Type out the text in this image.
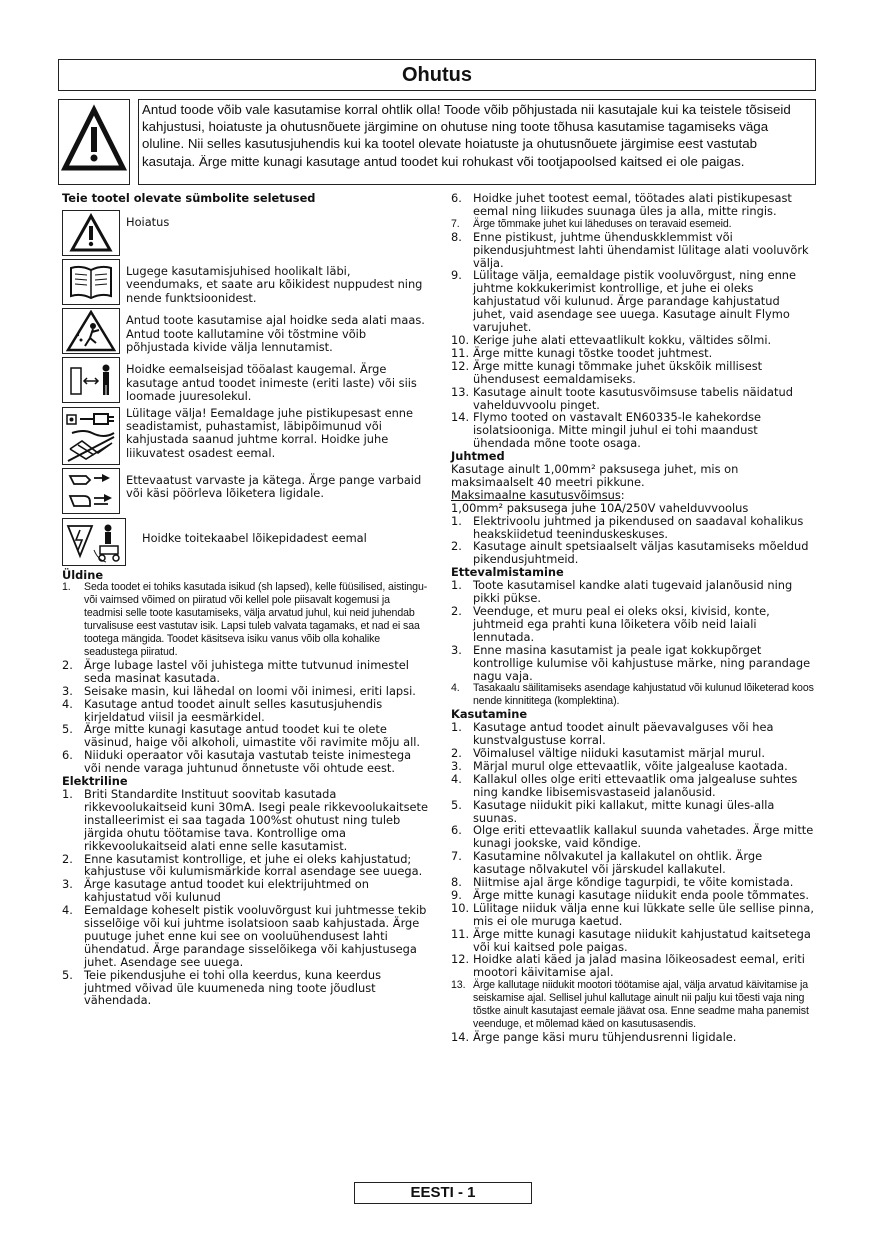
Ohutus
Antud toode võib vale kasutamise korral ohtlik olla! Toode võib põhjustada nii kasutajale kui ka teistele tõsiseid kahjustusi, hoiatuste ja ohutusnõuete järgimine on ohutuse ning toote tõhusa kasutamise tagamiseks väga oluline. Nii selles kasutusjuhendis kui ka tootel olevate hoiatuste ja ohutusnõuete järgimise eest vastutab kasutaja. Ärge mitte kunagi kasutage antud toodet kui rohukast või tootjapoolsed kaitsed ei ole paigas.
Teie tootel olevate sümbolite seletused
Hoiatus
Lugege kasutamisjuhised hoolikalt läbi, veendumaks, et saate aru kõikidest nuppudest ning nende funktsioonidest.
Antud toote kasutamise ajal hoidke seda alati maas. Antud toote kallutamine või tõstmine võib põhjustada kivide välja lennutamist.
Hoidke eemalseisjad tööalast kaugemal. Ärge kasutage antud toodet inimeste (eriti laste) või siis loomade juuresolekul.
Lülitage välja! Eemaldage juhe pistikupesast enne seadistamist, puhastamist, läbipõimunud või kahjustada saanud juhtme korral. Hoidke juhe liikuvatest osadest eemal.
Ettevaatust varvaste ja kätega. Ärge pange varbaid või käsi pöörleva lõiketera ligidale.
Hoidke toitekaabel lõikepidadest eemal
Üldine
1. Seda toodet ei tohiks kasutada isikud (sh lapsed), kelle füüsilised, aistingu- või vaimsed võimed on piiratud või kellel pole piisavalt kogemusi ja teadmisi selle toote kasutamiseks, välja arvatud juhul, kui neid juhendab turvalisuse eest vastutav isik. Lapsi tuleb valvata tagamaks, et nad ei saa tootega mängida. Toodet käsitseva isiku vanus võib olla kohalike seadustega piiratud.
2. Ärge lubage lastel või juhistega mitte tutvunud inimestel seda masinat kasutada.
3. Seisake masin, kui lähedal on loomi või inimesi, eriti lapsi.
4. Kasutage antud toodet ainult selles kasutusjuhendis kirjeldatud viisil ja eesmärkidel.
5. Ärge mitte kunagi kasutage antud toodet kui te olete väsinud, haige või alkoholi, uimastite või ravimite mõju all.
6. Niiduki operaator või kasutaja vastutab teiste inimestega või nende varaga juhtunud õnnetuste või ohtude eest.
Elektriline
1. Briti Standardite Instituut soovitab kasutada rikkevoolukaitseid kuni 30mA. Isegi peale rikkevoolukaitsete installeerimist ei saa tagada 100%st ohutust ning tuleb järgida ohutu töötamise tava. Kontrollige oma rikkevoolukaitseid alati enne selle kasutamist.
2. Enne kasutamist kontrollige, et juhe ei oleks kahjustatud; kahjustuse või kulumismärkide korral asendage see uuega.
3. Ärge kasutage antud toodet kui elektrijuhtmed on kahjustatud või kulunud
4. Eemaldage koheselt pistik vooluvõrgust kui juhtmesse tekib sisselõige või kui juhtme isolatsioon saab kahjustada. Ärge puutuge juhet enne kui see on vooluühendusest lahti ühendatud. Ärge parandage sisselõikega või kahjustusega juhet. Asendage see uuega.
5. Teie pikendusjuhe ei tohi olla keerdus, kuna keerdus juhtmed võivad üle kuumeneda ning toote jõudlust vähendada.
6. Hoidke juhet tootest eemal, töötades alati pistikupesast eemal ning liikudes suunaga üles ja alla, mitte ringis.
7. Ärge tõmmake juhet kui läheduses on teravaid esemeid.
8. Enne pistikust, juhtme ühenduskklemmist või pikendusjuhtmest lahti ühendamist lülitage alati vooluvõrk välja.
9. Lülitage välja, eemaldage pistik vooluvõrgust, ning enne juhtme kokkukerimist kontrollige, et juhe ei oleks kahjustatud või kulunud. Ärge parandage kahjustatud juhet, vaid asendage see uuega. Kasutage ainult Flymo varujuhet.
10. Kerige juhe alati ettevaatlikult kokku, vältides sõlmi.
11. Ärge mitte kunagi tõstke toodet juhtmest.
12. Ärge mitte kunagi tõmmake juhet ükskõik millisest ühendusest eemaldamiseks.
13. Kasutage ainult toote kasutusvõimsuse tabelis näidatud vahelduvvoolu pinget.
14. Flymo tooted on vastavalt EN60335-le kahekordse isolatsiooniga. Mitte mingil juhul ei tohi maandust ühendada mõne toote osaga.
Juhtmed
Kasutage ainult 1,00mm² paksusega juhet, mis on maksimaalselt 40 meetri pikkune.
Maksimaalne kasutusvõimsus:
1,00mm² paksusega juhe 10A/250V vahelduvvoolus
1. Elektrivoolu juhtmed ja pikendused on saadaval kohalikus heakskiidetud teeninduskeskuses.
2. Kasutage ainult spetsiaalselt väljas kasutamiseks mõeldud pikendusjuhtmeid.
Ettevalmistamine
1. Toote kasutamisel kandke alati tugevaid jalanõusid ning pikki pükse.
2. Veenduge, et muru peal ei oleks oksi, kivisid, konte, juhtmeid ega prahti kuna lõiketera võib neid laiali lennutada.
3. Enne masina kasutamist ja peale igat kokkupõrget kontrollige kulumise või kahjustuse märke, ning parandage nagu vaja.
4. Tasakaalu säilitamiseks asendage kahjustatud või kulunud lõiketerad koos nende kinnititega (komplektina).
Kasutamine
1. Kasutage antud toodet ainult päevavalguses või hea kunstvalgustuse korral.
2. Võimalusel vältige niiduki kasutamist märjal murul.
3. Märjal murul olge ettevaatlik, võite jalgealuse kaotada.
4. Kallakul olles olge eriti ettevaatlik oma jalgealuse suhtes ning kandke libisemisvastaseid jalanõusid.
5. Kasutage niidukit piki kallakut, mitte kunagi üles-alla suunas.
6. Olge eriti ettevaatlik kallakul suunda vahetades. Ärge mitte kunagi jookske, vaid kõndige.
7. Kasutamine nõlvakutel ja kallakutel on ohtlik. Ärge kasutage nõlvakutel või järskudel kallakutel.
8. Niitmise ajal ärge kõndige tagurpidi, te võite komistada.
9. Ärge mitte kunagi kasutage niidukit enda poole tõmmates.
10. Lülitage niiduk välja enne kui lükkate selle üle sellise pinna, mis ei ole muruga kaetud.
11. Ärge mitte kunagi kasutage niidukit kahjustatud kaitsetega või kui kaitsed pole paigas.
12. Hoidke alati käed ja jalad masina lõikeosadest eemal, eriti mootori käivitamise ajal.
13. Ärge kallutage niidukit mootori töötamise ajal, välja arvatud käivitamise ja seiskamise ajal. Sellisel juhul kallutage ainult nii palju kui tõesti vaja ning tõstke ainult kasutajast eemale jäävat osa. Enne seadme maha panemist veenduge, et mõlemad käed on kasutusasendis.
14. Ärge pange käsi muru tühjendusrenni ligidale.
EESTI - 1
